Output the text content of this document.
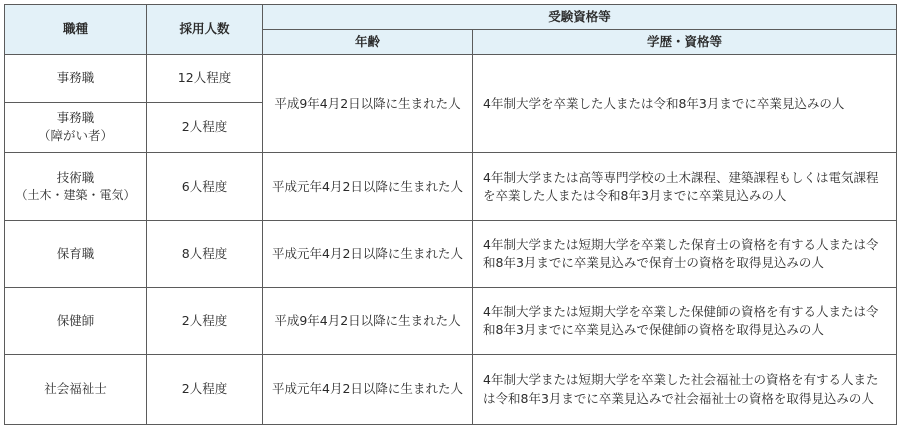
職種	採用人数	受験資格等	
		年齢	学歴・資格等
事務職	12人程度	平成9年4月2日以降に生まれた人	4年制大学を卒業した人または令和8年3月までに卒業見込みの人

事務職
（障がい者）	2人程度		

技術職
（土木・建築・電気）	6人程度	平成元年4月2日以降に生まれた人	4年制大学または高等専門学校の土木課程、建築課程もしくは電気課程を卒業した人または令和8年3月までに卒業見込みの人
保育職	8人程度	平成元年4月2日以降に生まれた人	4年制大学または短期大学を卒業した保育士の資格を有する人または令和8年3月までに卒業見込みで保育士の資格を取得見込みの人
保健師	2人程度	平成9年4月2日以降に生まれた人	4年制大学または短期大学を卒業した保健師の資格を有する人または令和8年3月までに卒業見込みで保健師の資格を取得見込みの人
社会福祉士	2人程度	平成元年4月2日以降に生まれた人	4年制大学または短期大学を卒業した社会福祉士の資格を有する人または令和8年3月までに卒業見込みで社会福祉士の資格を取得見込みの人
